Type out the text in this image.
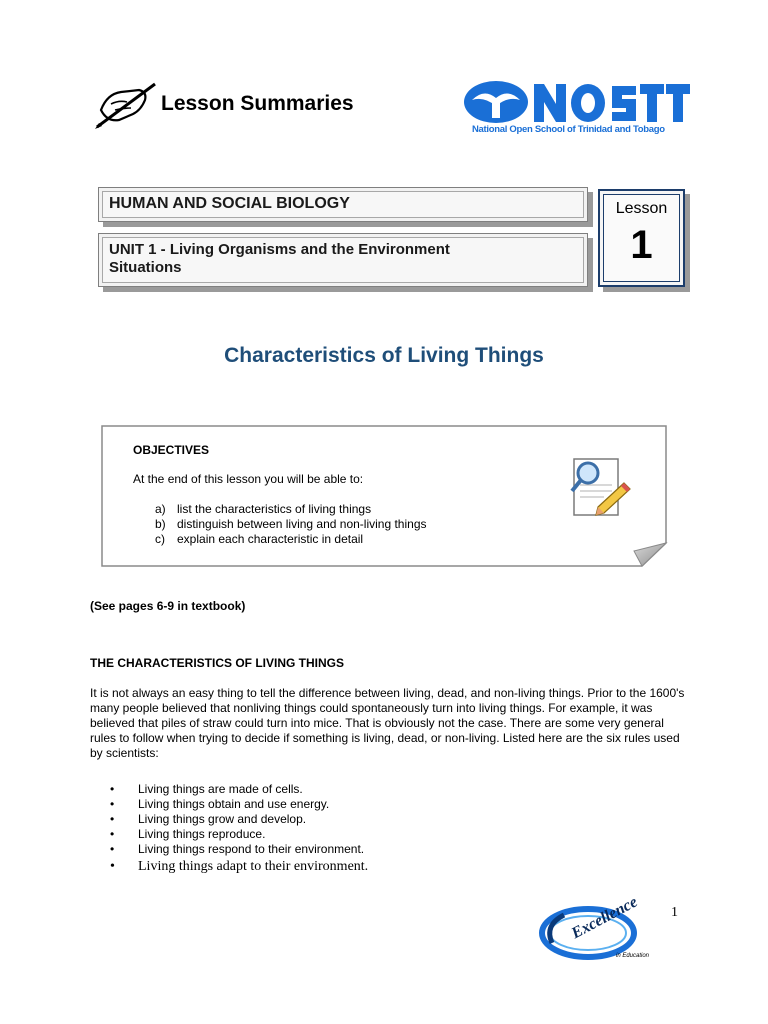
Lesson Summaries
National Open School of Trinidad and Tobago
HUMAN AND SOCIAL BIOLOGY
UNIT 1 - Living Organisms and the Environment Situations
Lesson
1
Characteristics of Living Things
OBJECTIVES
At the end of this lesson you will be able to:
a) list the characteristics of living things
b) distinguish between living and non-living things
c) explain each characteristic in detail
(See pages 6-9 in textbook)
THE CHARACTERISTICS OF LIVING THINGS
It is not always an easy thing to tell the difference between living, dead, and non-living things. Prior to the 1600's many people believed that nonliving things could spontaneously turn into living things. For example, it was believed that piles of straw could turn into mice. That is obviously not the case. There are some very general rules to follow when trying to decide if something is living, dead, or non-living. Listed here are the six rules used by scientists:
• Living things are made of cells.
• Living things obtain and use energy.
• Living things grow and develop.
• Living things reproduce.
• Living things respond to their environment.
• Living things adapt to their environment.
Excellence
in Education
1
